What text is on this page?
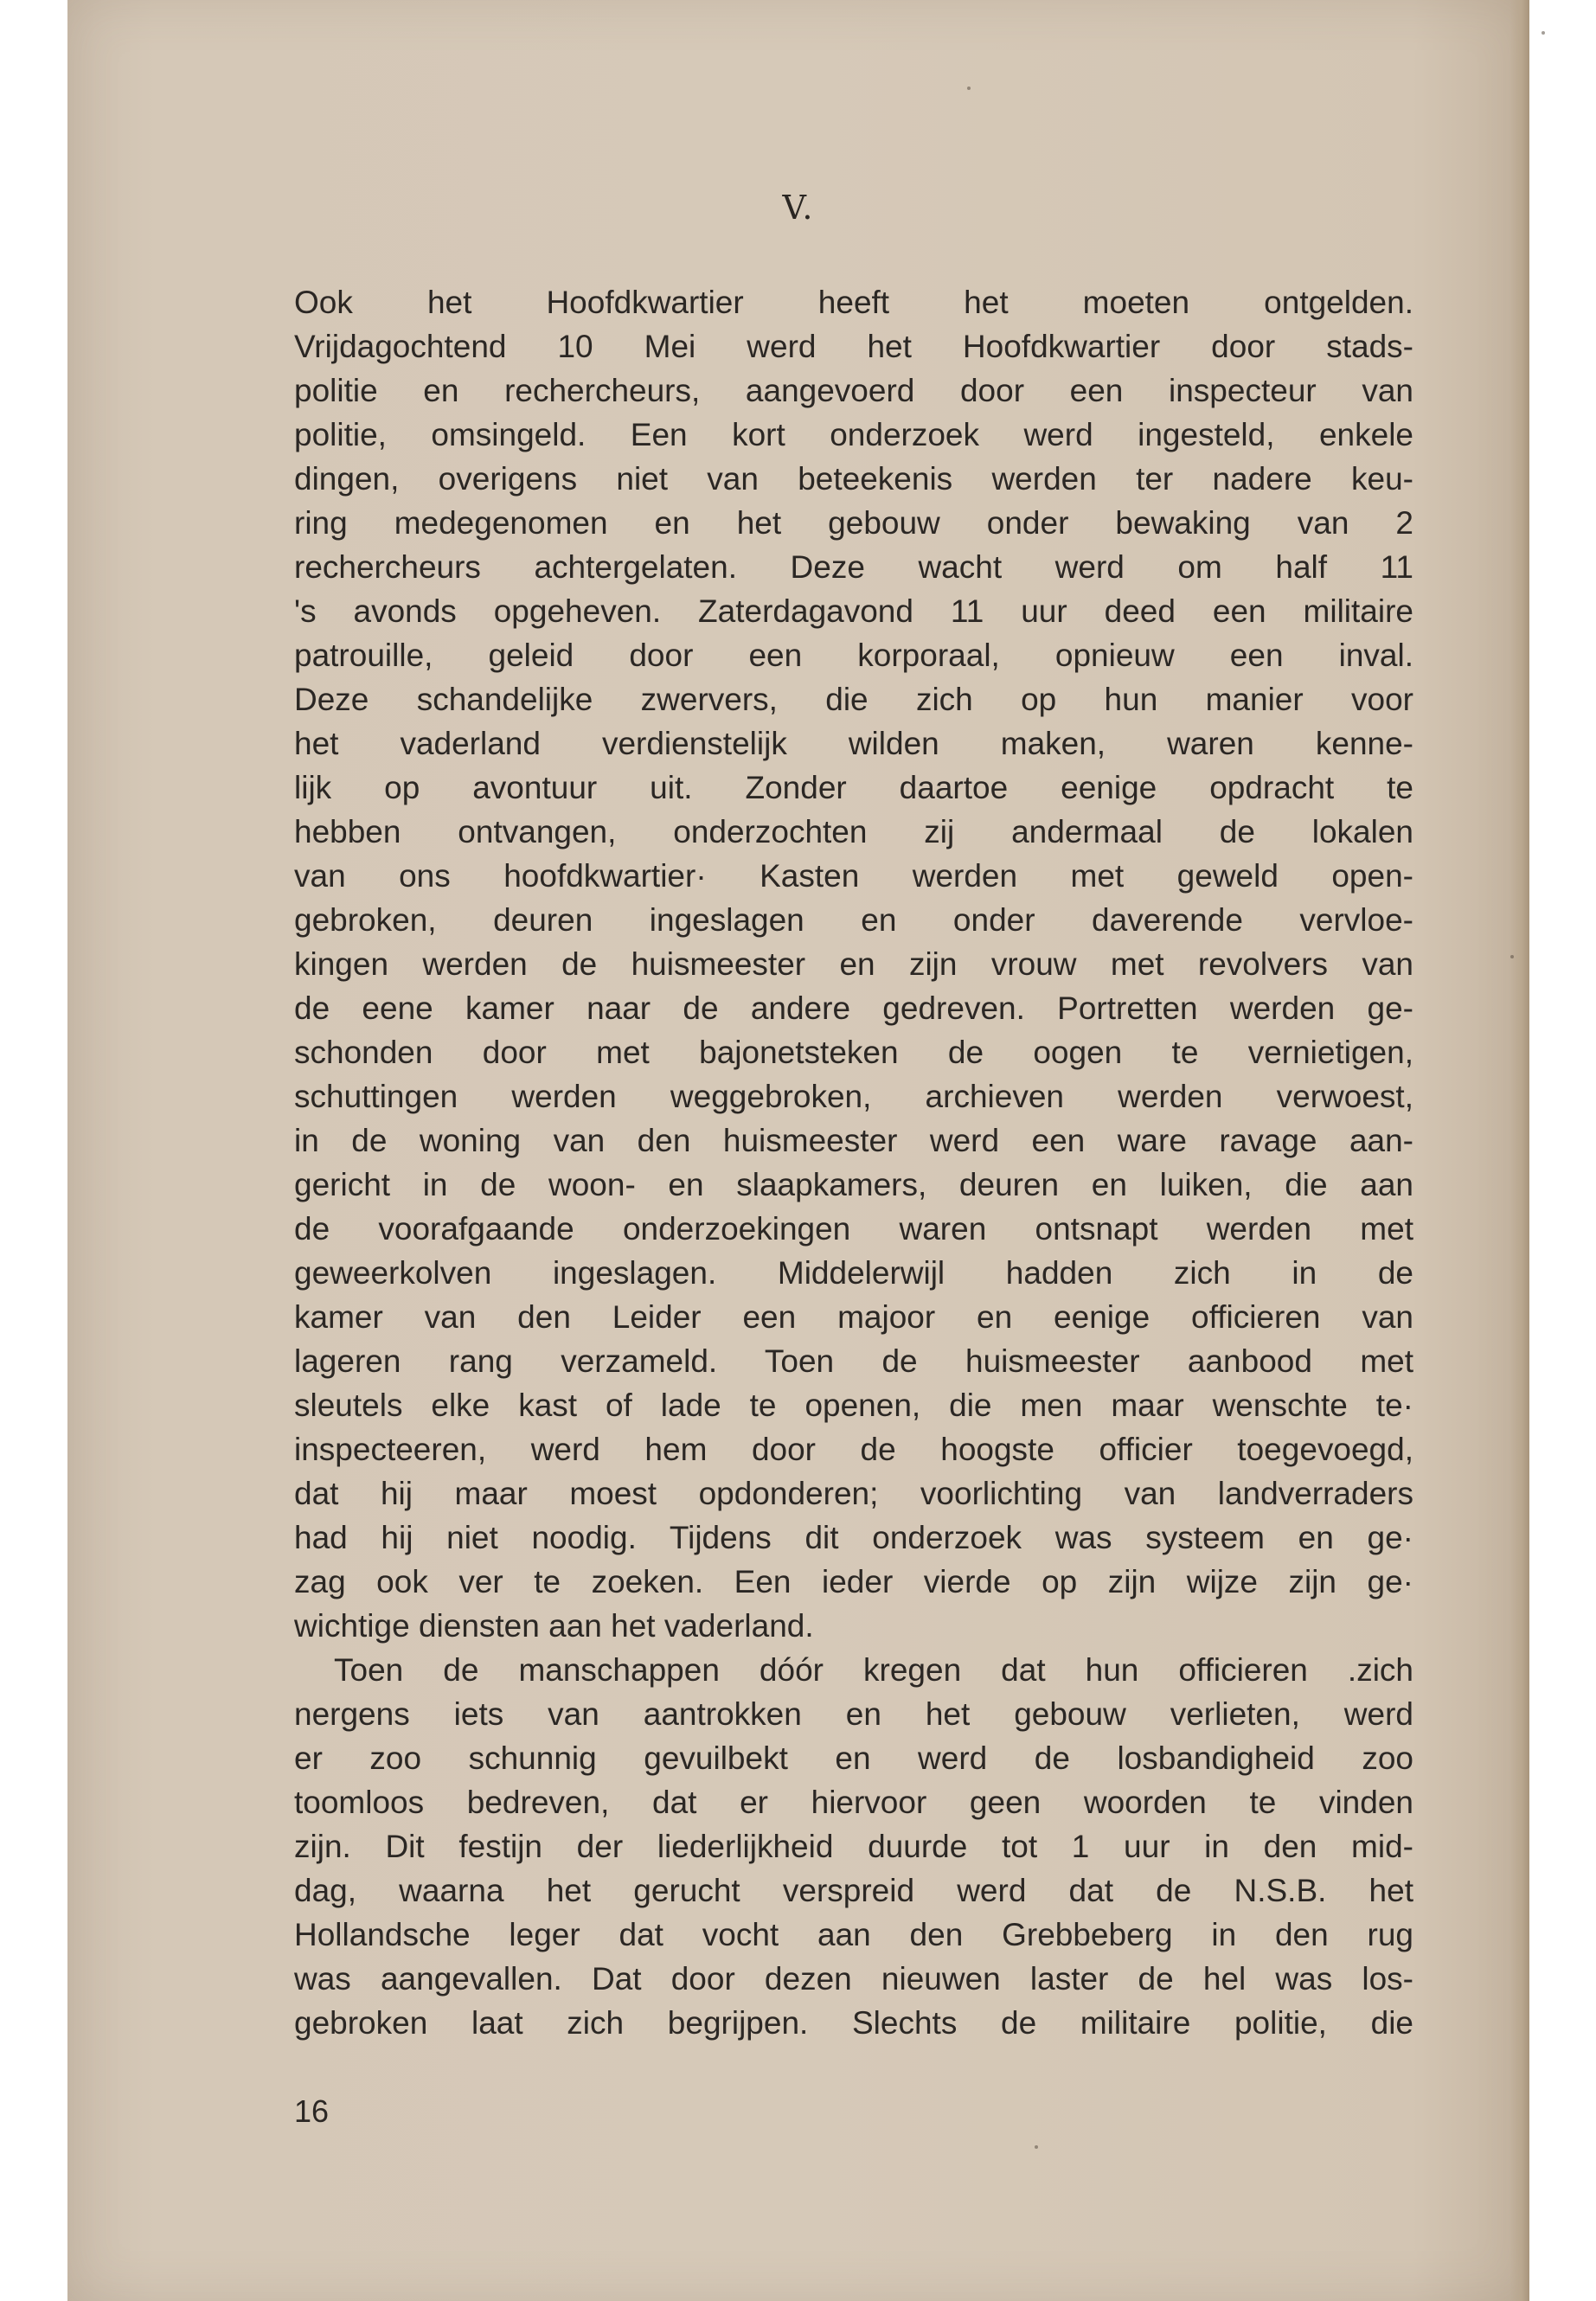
V.
Ook het Hoofdkwartier heeft het moeten ontgelden.
Vrijdagochtend 10 Mei werd het Hoofdkwartier door stads-
politie en rechercheurs, aangevoerd door een inspecteur van
politie, omsingeld. Een kort onderzoek werd ingesteld, enkele
dingen, overigens niet van beteekenis werden ter nadere keu-
ring medegenomen en het gebouw onder bewaking van 2
rechercheurs achtergelaten. Deze wacht werd om half 11
's avonds opgeheven. Zaterdagavond 11 uur deed een militaire
patrouille, geleid door een korporaal, opnieuw een inval.
Deze schandelijke zwervers, die zich op hun manier voor
het vaderland verdienstelijk wilden maken, waren kenne-
lijk op avontuur uit. Zonder daartoe eenige opdracht te
hebben ontvangen, onderzochten zij andermaal de lokalen
van ons hoofdkwartier· Kasten werden met geweld open-
gebroken, deuren ingeslagen en onder daverende vervloe-
kingen werden de huismeester en zijn vrouw met revolvers van
de eene kamer naar de andere gedreven. Portretten werden ge-
schonden door met bajonetsteken de oogen te vernietigen,
schuttingen werden weggebroken, archieven werden verwoest,
in de woning van den huismeester werd een ware ravage aan-
gericht in de woon- en slaapkamers, deuren en luiken, die aan
de voorafgaande onderzoekingen waren ontsnapt werden met
geweerkolven ingeslagen. Middelerwijl hadden zich in de
kamer van den Leider een majoor en eenige officieren van
lageren rang verzameld. Toen de huismeester aanbood met
sleutels elke kast of lade te openen, die men maar wenschte te·
inspecteeren, werd hem door de hoogste officier toegevoegd,
dat hij maar moest opdonderen; voorlichting van landverraders
had hij niet noodig. Tijdens dit onderzoek was systeem en ge·
zag ook ver te zoeken. Een ieder vierde op zijn wijze zijn ge·
wichtige diensten aan het vaderland.
Toen de manschappen dóór kregen dat hun officieren .zich
nergens iets van aantrokken en het gebouw verlieten, werd
er zoo schunnig gevuilbekt en werd de losbandigheid zoo
toomloos bedreven, dat er hiervoor geen woorden te vinden
zijn. Dit festijn der liederlijkheid duurde tot 1 uur in den mid-
dag, waarna het gerucht verspreid werd dat de N.S.B. het
Hollandsche leger dat vocht aan den Grebbeberg in den rug
was aangevallen. Dat door dezen nieuwen laster de hel was los-
gebroken laat zich begrijpen. Slechts de militaire politie, die
16
